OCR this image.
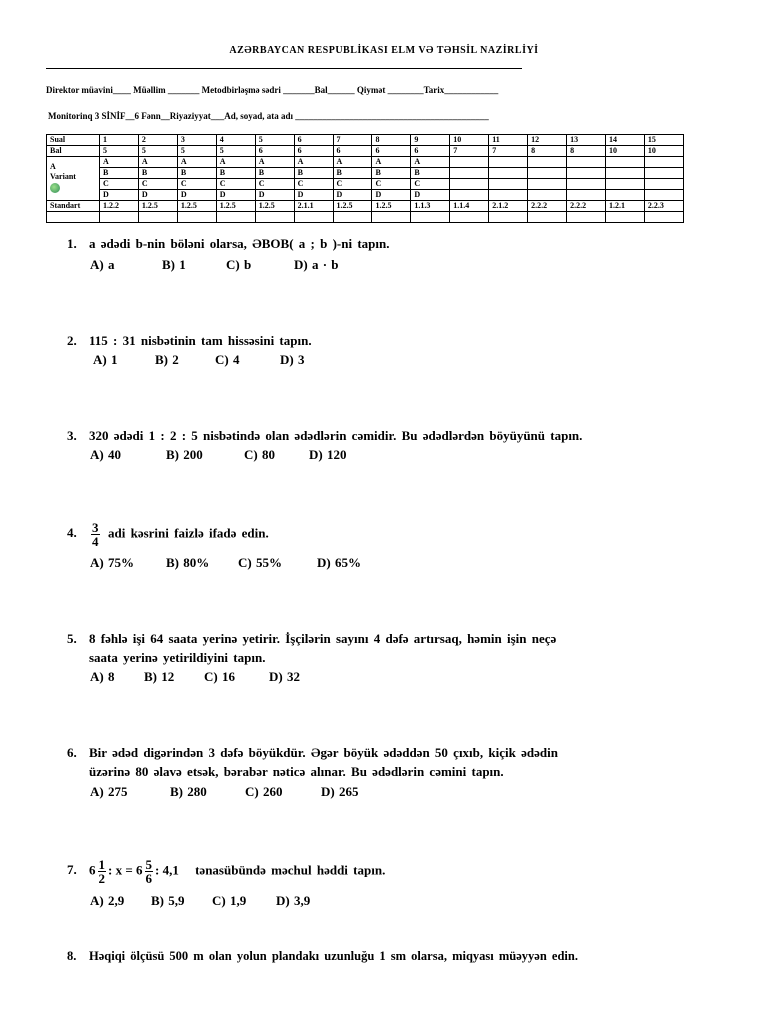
AZƏRBAYCAN RESPUBLİKASI ELM VƏ TƏHSİL NAZİRLİYİ
Direktor müavini____ Müəllim _______ Metodbirləşmə sədri _______Bal______ Qiymət ________Tarix____________
Monitorinq 3 SİNİF__6 Fənn__Riyaziyyat___Ad, soyad, ata adı ___________________________________________
Sual	1	2	3	4	5	6	7	8	9	10	11	12	13	14	15
Bal	5	5	5	5	6	6	6	6	6	7	7	8	8	10	10

A
Variant	A	A	A	A	A	A	A	A	A						
	B	B	B	B	B	B	B	B	B						
	C	C	C	C	C	C	C	C	C						
	D	D	D	D	D	D	D	D	D						
Standart	1.2.2	1.2.5	1.2.5	1.2.5	1.2.5	2.1.1	1.2.5	1.2.5	1.1.3	1.1.4	2.1.2	2.2.2	2.2.2	1.2.1	2.2.3

1. a ədədi b-nin böləni olarsa, ƏBOB( a ; b )-ni tapın.
A) a	B) 1	C) b	D) a · b
2. 115 : 31 nisbətinin tam hissəsini tapın.
A) 1	B) 2	C) 4	D) 3
3. 320 ədədi 1 : 2 : 5 nisbətində olan ədədlərin cəmidir. Bu ədədlərdən böyüyünü tapın.
A) 40	B) 200	C) 80	D) 120
4. $\frac{3}{4}$ adi kəsrini faizlə ifadə edin.
A) 75% B) 80% C) 55%	D) 65%
5. 8 fəhlə işi 64 saata yerinə yetirir. İşçilərin sayını 4 dəfə artırsaq, həmin işin neçə
saata yerinə yetirildiyini tapın.
A) 8 B) 12 C) 16	D) 32
6. Bir ədəd digərindən 3 dəfə böyükdür. Əgər böyük ədəddən 50 çıxıb, kiçik ədədin
üzərinə 80 əlavə etsək, bərabər nəticə alınar. Bu ədədlərin cəmini tapın.
A) 275	B) 280	C) 260	D) 265
7. $6 \frac{1}{2}$ : $x = 6 \frac{5}{6}$ : 4,1 tənasübündə məchul həddi tapın.
A) 2,9 B) 5,9 C) 1,9 D) 3,9
8. Həqiqi ölçüsü 500 m olan yolun plandakı uzunluğu 1 sm olarsa, miqyası müəyyən edin.
